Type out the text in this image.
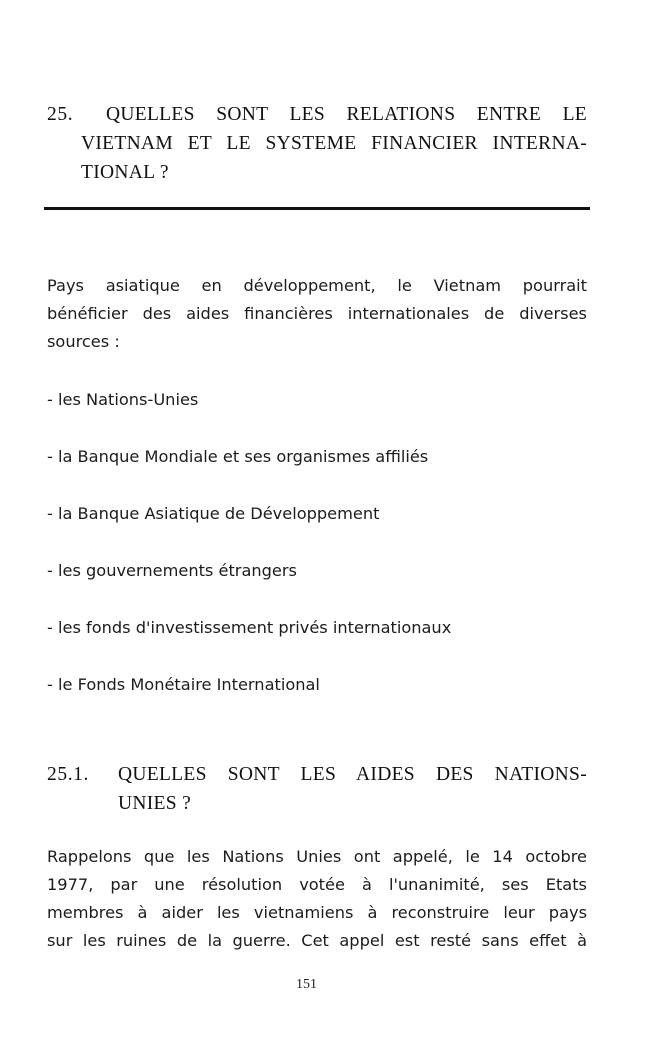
25. QUELLES SONT LES RELATIONS ENTRE LE
VIETNAM ET LE SYSTEME FINANCIER INTERNA-
TIONAL ?
Pays asiatique en développement, le Vietnam pourrait
bénéficier des aides financières internationales de diverses
sources :
- les Nations-Unies
- la Banque Mondiale et ses organismes affiliés
- la Banque Asiatique de Développement
- les gouvernements étrangers
- les fonds d'investissement privés internationaux
- le Fonds Monétaire International
25.1. QUELLES SONT LES AIDES DES NATIONS-
UNIES ?
Rappelons que les Nations Unies ont appelé, le 14 octobre
1977, par une résolution votée à l'unanimité, ses Etats
membres à aider les vietnamiens à reconstruire leur pays
sur les ruines de la guerre. Cet appel est resté sans effet à
151
